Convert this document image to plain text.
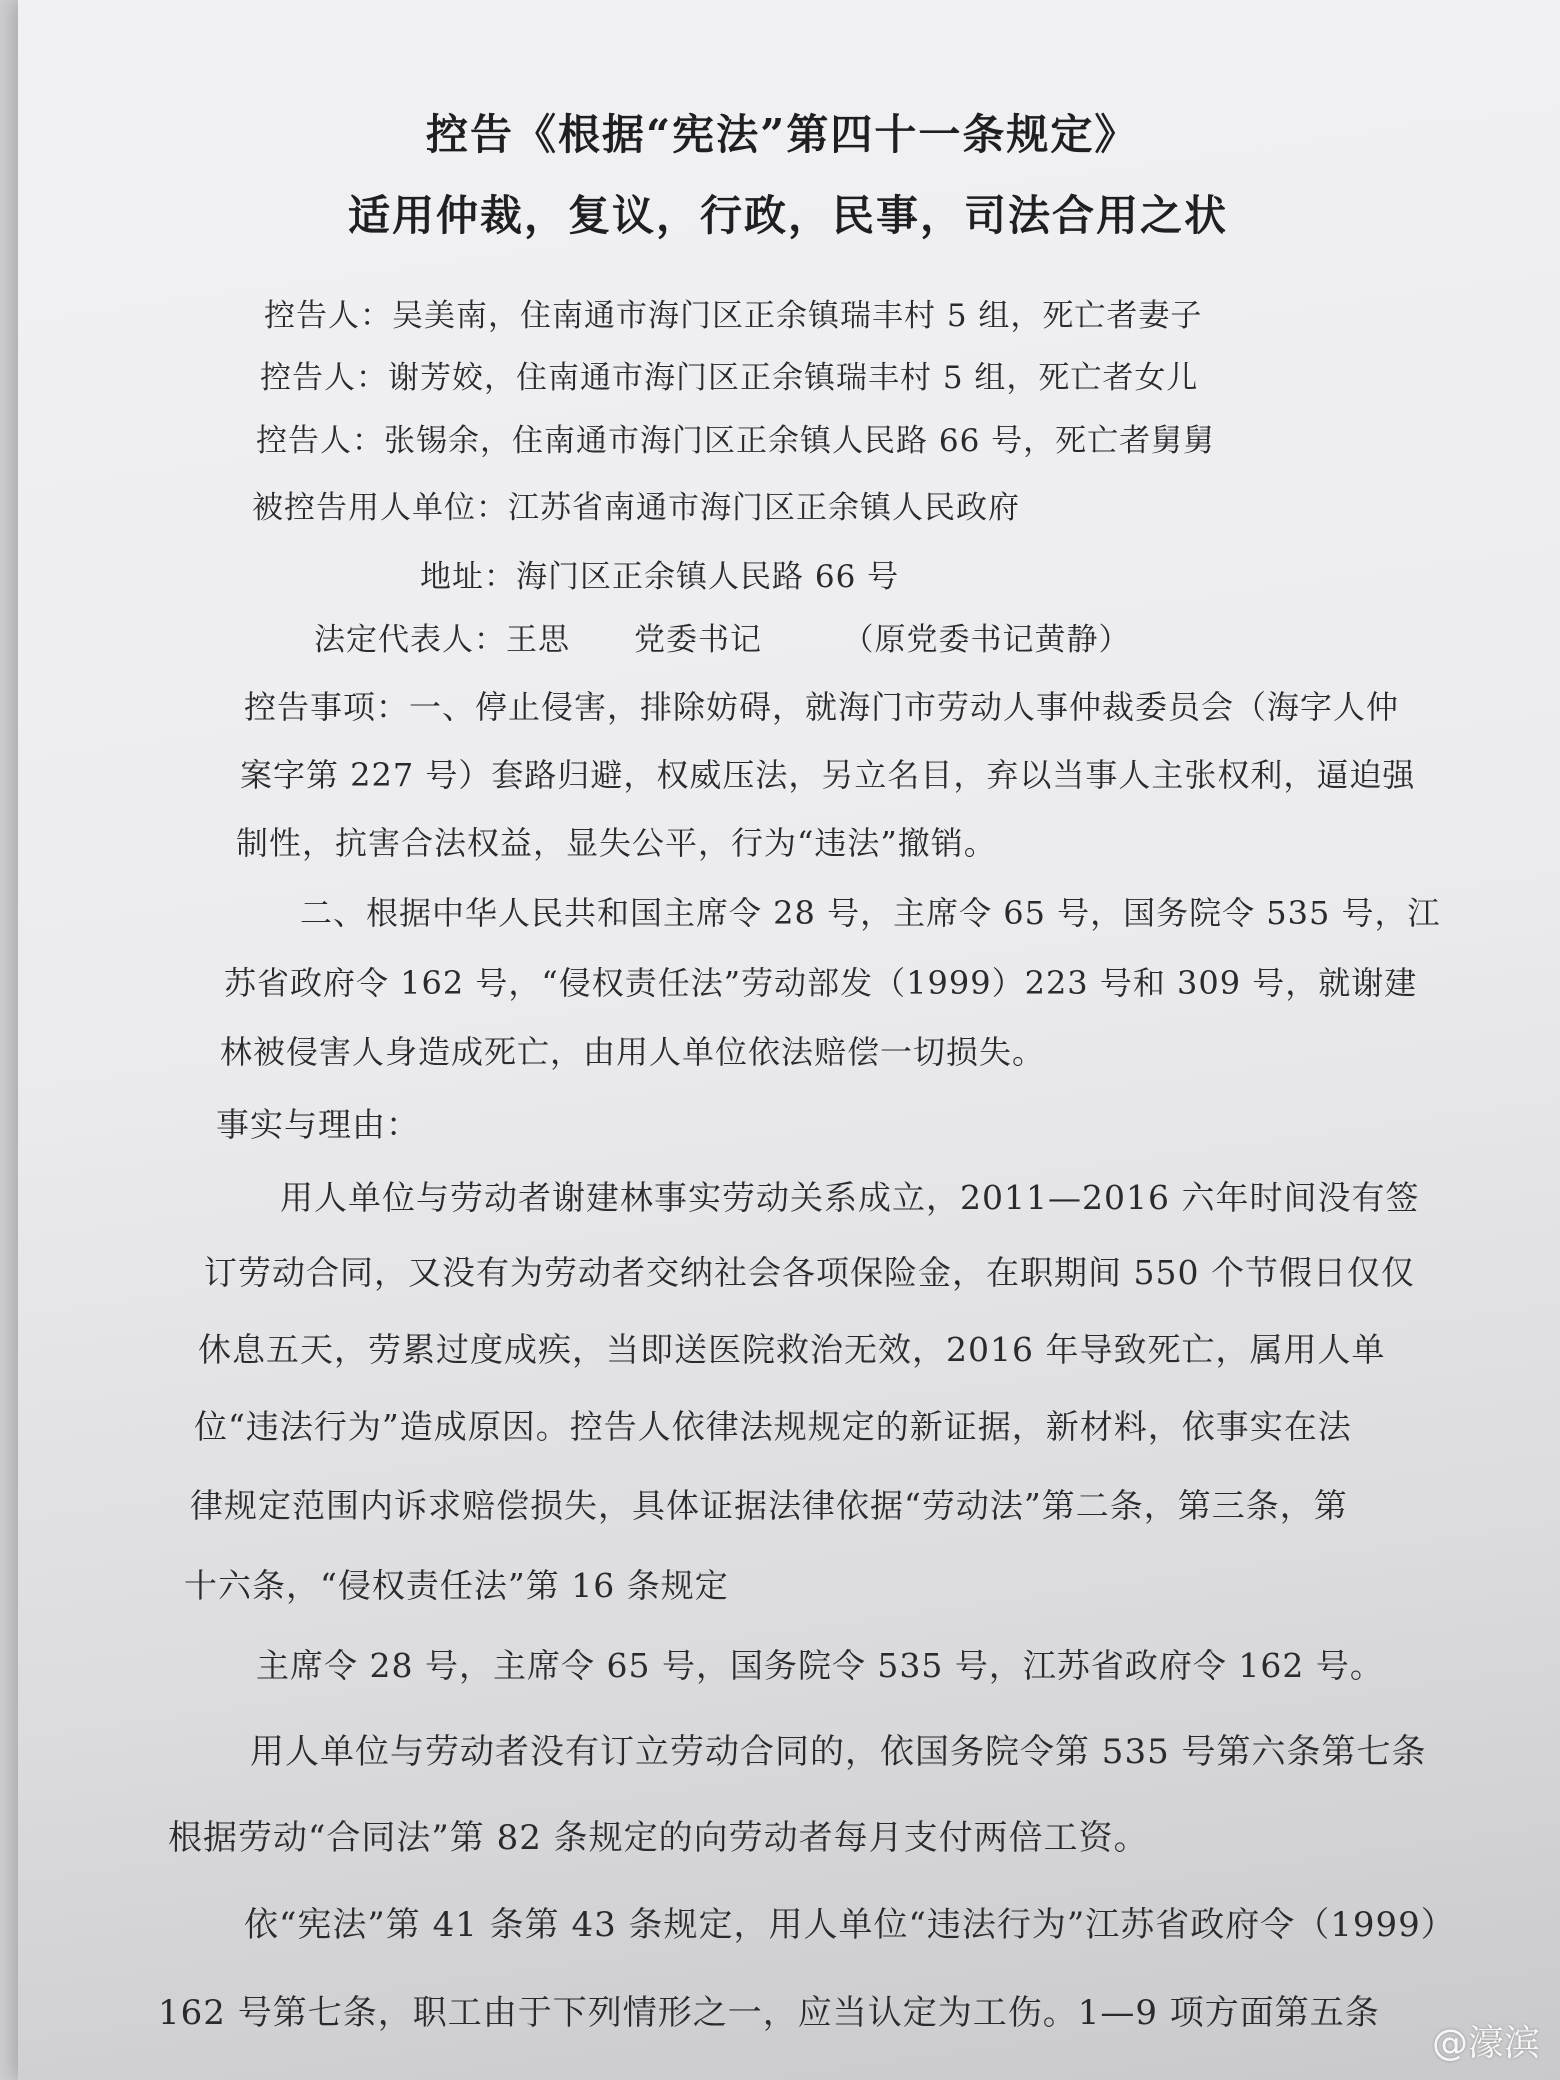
控告《根据“宪法”第四十一条规定》
适用仲裁，复议，行政，民事，司法合用之状
控告人：吴美南，住南通市海门区正余镇瑞丰村 5 组，死亡者妻子
控告人：谢芳姣，住南通市海门区正余镇瑞丰村 5 组，死亡者女儿
控告人：张锡余，住南通市海门区正余镇人民路 66 号，死亡者舅舅
被控告用人单位：江苏省南通市海门区正余镇人民政府
地址：海门区正余镇人民路 66 号
法定代表人：王思　　党委书记　　　（原党委书记黄静）
控告事项：一、停止侵害，排除妨碍，就海门市劳动人事仲裁委员会（海字人仲
案字第 227 号）套路归避，权威压法，另立名目，弃以当事人主张权利，逼迫强
制性，抗害合法权益，显失公平，行为“违法”撤销。
二、根据中华人民共和国主席令 28 号，主席令 65 号，国务院令 535 号，江
苏省政府令 162 号，“侵权责任法”劳动部发（1999）223 号和 309 号，就谢建
林被侵害人身造成死亡，由用人单位依法赔偿一切损失。
事实与理由：
用人单位与劳动者谢建林事实劳动关系成立，2011—2016 六年时间没有签
订劳动合同，又没有为劳动者交纳社会各项保险金，在职期间 550 个节假日仅仅
休息五天，劳累过度成疾，当即送医院救治无效，2016 年导致死亡，属用人单
位“违法行为”造成原因。控告人依律法规规定的新证据，新材料，依事实在法
律规定范围内诉求赔偿损失，具体证据法律依据“劳动法”第二条，第三条，第
十六条，“侵权责任法”第 16 条规定
主席令 28 号，主席令 65 号，国务院令 535 号，江苏省政府令 162 号。
用人单位与劳动者没有订立劳动合同的，依国务院令第 535 号第六条第七条
根据劳动“合同法”第 82 条规定的向劳动者每月支付两倍工资。
依“宪法”第 41 条第 43 条规定，用人单位“违法行为”江苏省政府令（1999）
162 号第七条，职工由于下列情形之一，应当认定为工伤。1—9 项方面第五条
@濠滨
